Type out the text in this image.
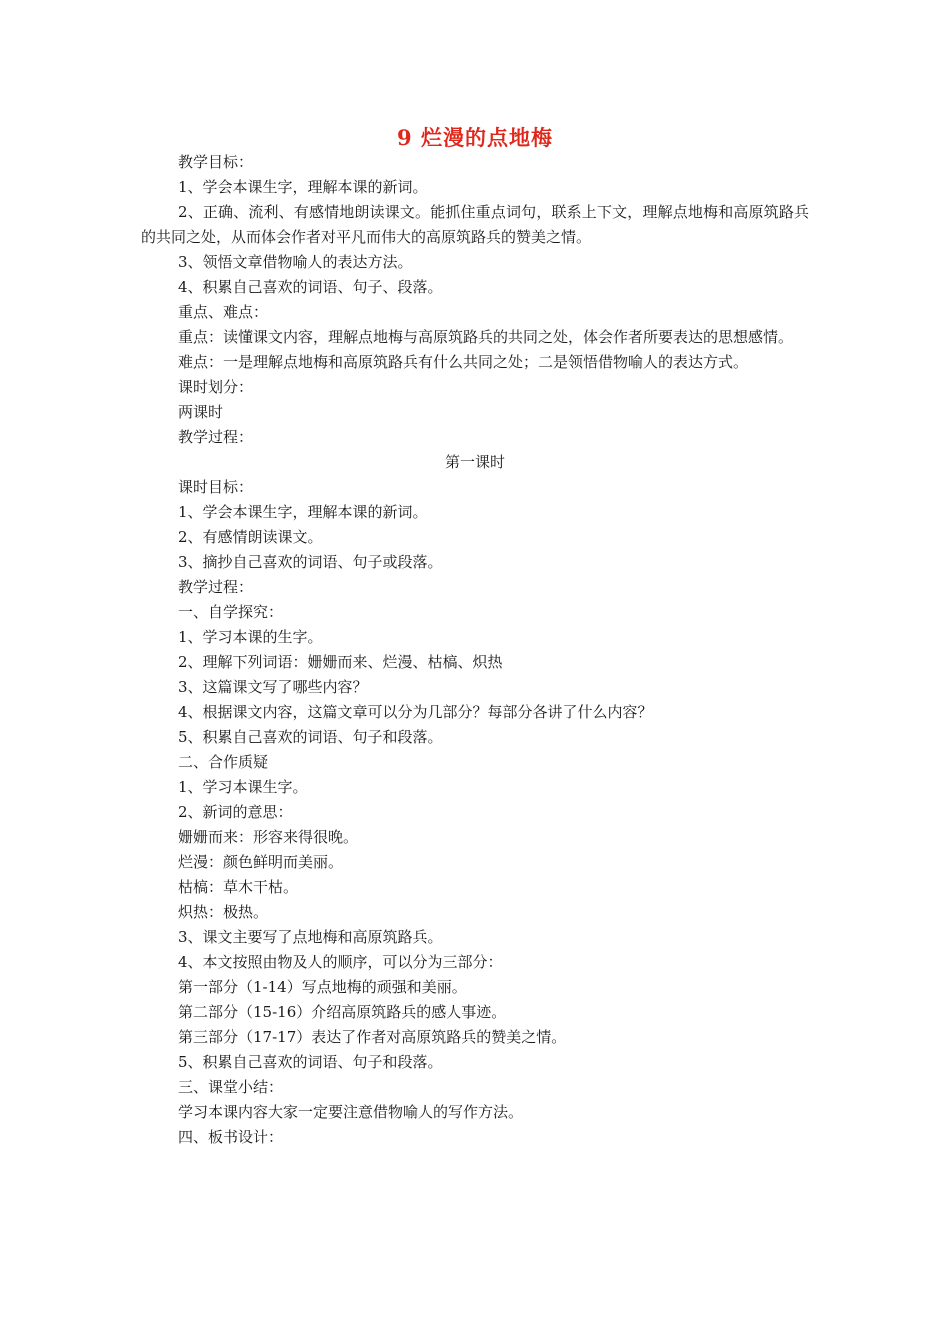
9 烂漫的点地梅

教学目标：

1、学会本课生字，理解本课的新词。

2、正确、流利、有感情地朗读课文。能抓住重点词句，联系上下文，理解点地梅和高原筑路兵的共同之处，从而体会作者对平凡而伟大的高原筑路兵的赞美之情。

3、领悟文章借物喻人的表达方法。

4、积累自己喜欢的词语、句子、段落。

重点、难点：

重点：读懂课文内容，理解点地梅与高原筑路兵的共同之处，体会作者所要表达的思想感情。

难点：一是理解点地梅和高原筑路兵有什么共同之处；二是领悟借物喻人的表达方式。

课时划分：

两课时

教学过程：

第一课时

课时目标：

1、学会本课生字，理解本课的新词。

2、有感情朗读课文。

3、摘抄自己喜欢的词语、句子或段落。

教学过程：

一、自学探究：

1、学习本课的生字。

2、理解下列词语：姗姗而来、烂漫、枯槁、炽热

3、这篇课文写了哪些内容？

4、根据课文内容，这篇文章可以分为几部分？每部分各讲了什么内容？

5、积累自己喜欢的词语、句子和段落。

二、合作质疑

1、学习本课生字。

2、新词的意思：

姗姗而来：形容来得很晚。

烂漫：颜色鲜明而美丽。

枯槁：草木干枯。

炽热：极热。

3、课文主要写了点地梅和高原筑路兵。

4、本文按照由物及人的顺序，可以分为三部分：

第一部分（1-14）写点地梅的顽强和美丽。

第二部分（15-16）介绍高原筑路兵的感人事迹。

第三部分（17-17）表达了作者对高原筑路兵的赞美之情。

5、积累自己喜欢的词语、句子和段落。

三、课堂小结：

学习本课内容大家一定要注意借物喻人的写作方法。

四、板书设计：
